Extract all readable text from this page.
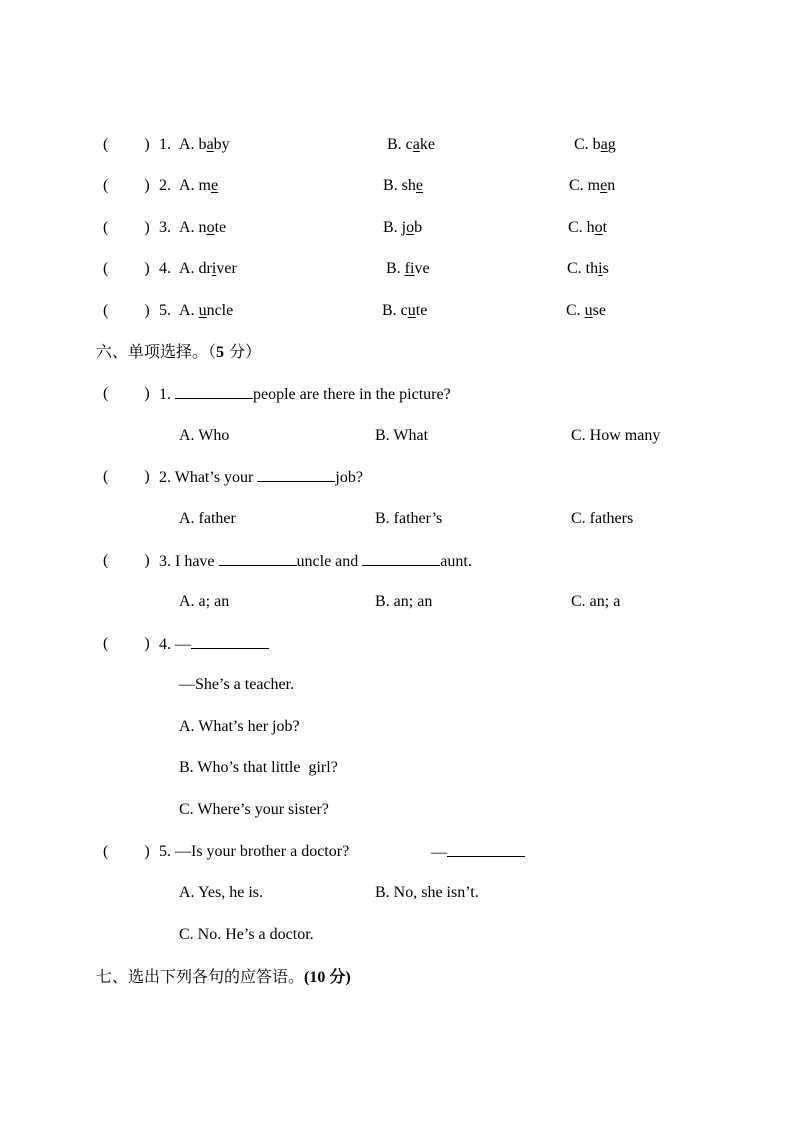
(　 　) 1. A. baby	B. cake	C. bag
(　 　) 2. A. me	B. she	C. men
(　 　) 3. A. note	B. job	C. hot
(　 　) 4. A. driver	B. five	C. this
(　 　) 5. A. uncle	B. cute	C. use
六、单项选择。（5 分）
(　 　) 1.	people are there in the picture?
A. Who	B. What	C. How many
(　 　) 2. What’s your	job?
A. father	B. father’s	C. fathers
(　 　) 3. I have	uncle and	aunt.
A. a; an	B. an; an	C. an; a
(　 　) 4. —
—She’s a teacher.
A. What’s her job?
B. Who’s that little  girl?
C. Where’s your sister?
(　 　) 5. —Is your brother a doctor?	—
A. Yes, he is.	B. No, she isn’t.
C. No. He’s a doctor.
七、选出下列各句的应答语。(10 分)
